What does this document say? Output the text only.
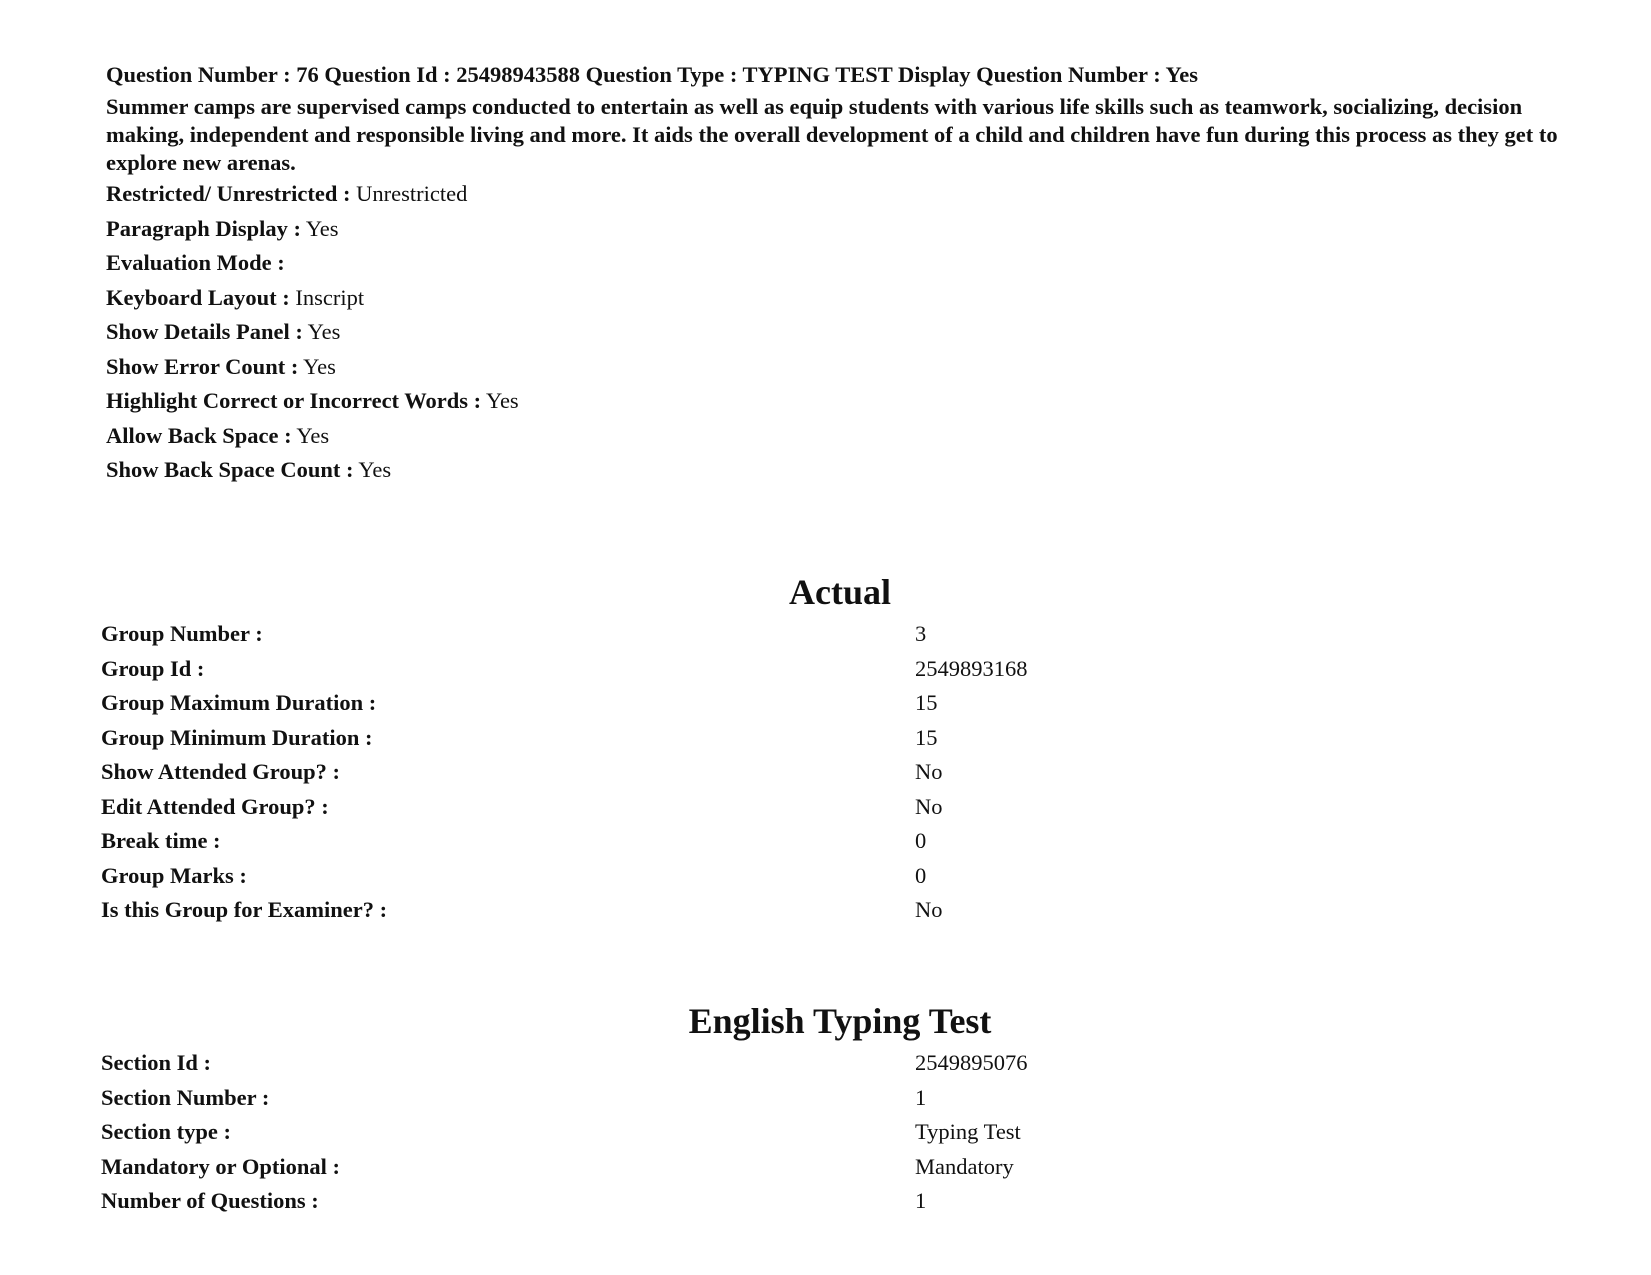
Question Number : 76 Question Id : 25498943588 Question Type : TYPING TEST Display Question Number : Yes
Summer camps are supervised camps conducted to entertain as well as equip students with various life skills such as teamwork, socializing, decision making, independent and responsible living and more. It aids the overall development of a child and children have fun during this process as they get to explore new arenas.
Restricted/ Unrestricted : Unrestricted
Paragraph Display : Yes
Evaluation Mode :
Keyboard Layout : Inscript
Show Details Panel : Yes
Show Error Count : Yes
Highlight Correct or Incorrect Words : Yes
Allow Back Space : Yes
Show Back Space Count : Yes
Actual
Group Number :	3
Group Id :	2549893168
Group Maximum Duration :	15
Group Minimum Duration :	15
Show Attended Group? :	No
Edit Attended Group? :	No
Break time :	0
Group Marks :	0
Is this Group for Examiner? :	No
English Typing Test
Section Id :	2549895076
Section Number :	1
Section type :	Typing Test
Mandatory or Optional :	Mandatory
Number of Questions :	1
